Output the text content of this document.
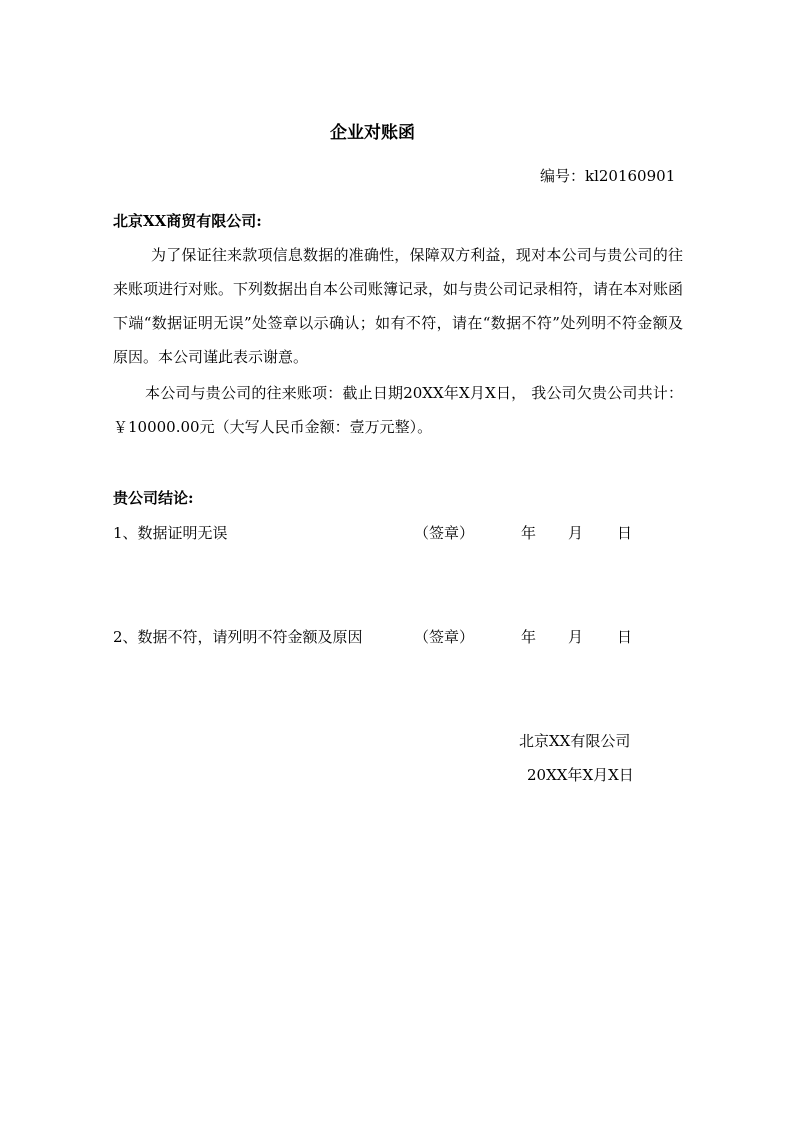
企业对账函
编号：kl20160901
北京XX商贸有限公司:
为了保证往来款项信息数据的准确性，保障双方利益，现对本公司与贵公司的往来账项进行对账。下列数据出自本公司账簿记录，如与贵公司记录相符，请在本对账函下端“数据证明无误”处签章以示确认；如有不符，请在“数据不符”处列明不符金额及原因。本公司谨此表示谢意。
本公司与贵公司的往来账项：截止日期20XX年X月X日， 我公司欠贵公司共计：￥10000.00元（大写人民币金额：壹万元整）。
贵公司结论:
1、数据证明无误	（签章）	年 月 日
2、数据不符，请列明不符金额及原因	（签章）	年 月 日
北京XX有限公司
20XX年X月X日
